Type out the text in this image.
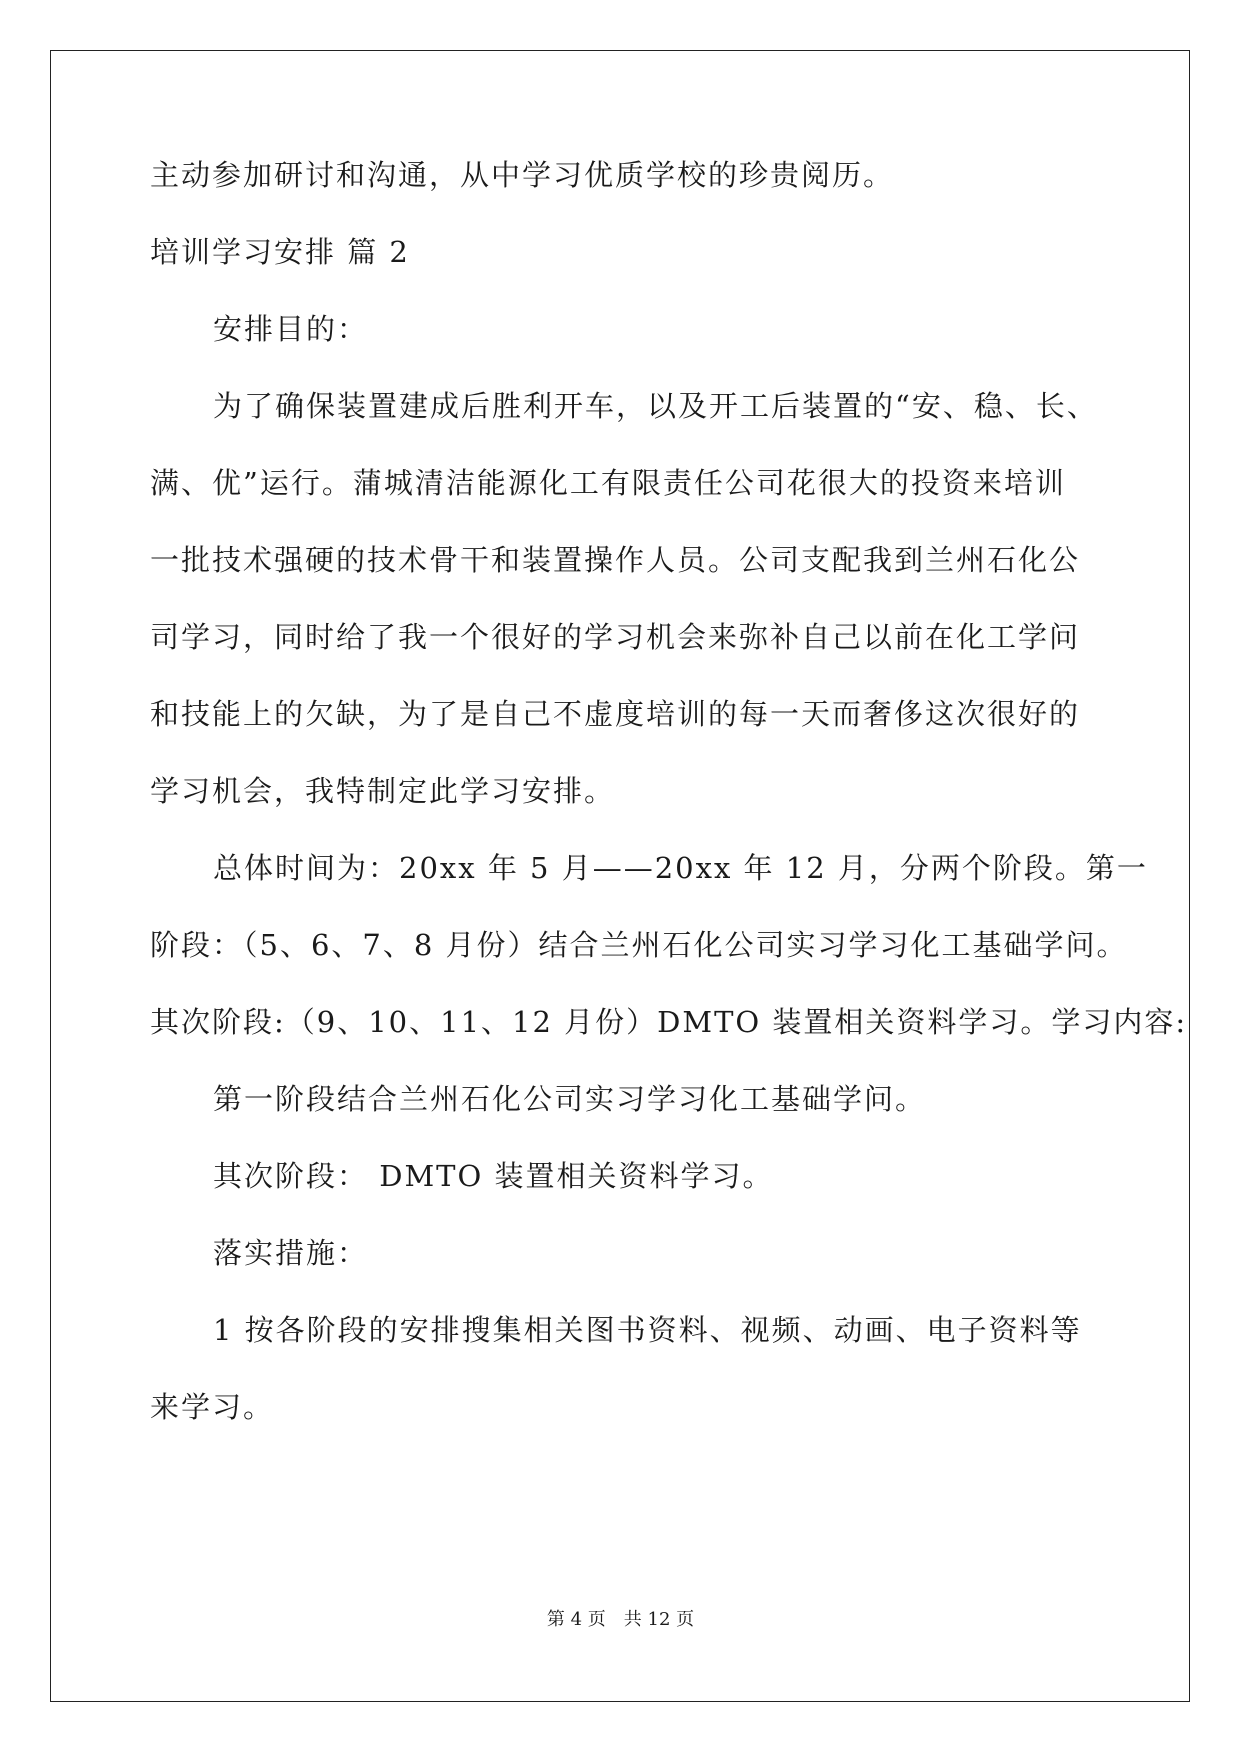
主动参加研讨和沟通，从中学习优质学校的珍贵阅历。
培训学习安排 篇 2
安排目的：
为了确保装置建成后胜利开车，以及开工后装置的“安、稳、长、
满、优”运行。蒲城清洁能源化工有限责任公司花很大的投资来培训
一批技术强硬的技术骨干和装置操作人员。公司支配我到兰州石化公
司学习，同时给了我一个很好的学习机会来弥补自己以前在化工学问
和技能上的欠缺，为了是自己不虚度培训的每一天而奢侈这次很好的
学习机会，我特制定此学习安排。
总体时间为：20xx 年 5 月——20xx 年 12 月，分两个阶段。第一
阶段：（5、6、7、8 月份）结合兰州石化公司实习学习化工基础学问。
其次阶段:（9、10、11、12 月份）DMTO 装置相关资料学习。学习内容:
第一阶段结合兰州石化公司实习学习化工基础学问。
其次阶段： DMTO 装置相关资料学习。
落实措施：
1 按各阶段的安排搜集相关图书资料、视频、动画、电子资料等
来学习。
第 4 页 共 12 页
